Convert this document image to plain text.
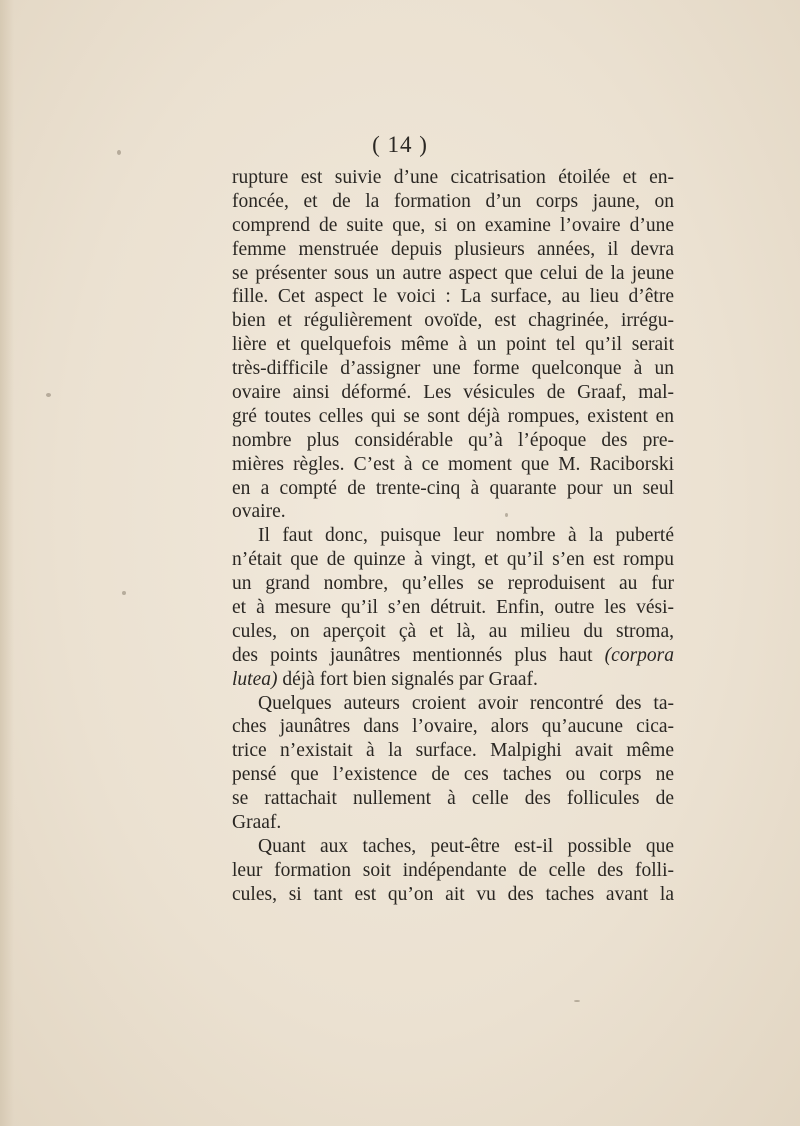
( 14 )
rupture est suivie d’une cicatrisation étoilée et en-
foncée, et de la formation d’un corps jaune, on
comprend de suite que, si on examine l’ovaire d’une
femme menstruée depuis plusieurs années, il devra
se présenter sous un autre aspect que celui de la jeune
fille. Cet aspect le voici : La surface, au lieu d’être
bien et régulièrement ovoïde, est chagrinée, irrégu-
lière et quelquefois même à un point tel qu’il serait
très-difficile d’assigner une forme quelconque à un
ovaire ainsi déformé. Les vésicules de Graaf, mal-
gré toutes celles qui se sont déjà rompues, existent en
nombre plus considérable qu’à l’époque des pre-
mières règles. C’est à ce moment que M. Raciborski
en a compté de trente-cinq à quarante pour un seul
ovaire.
Il faut donc, puisque leur nombre à la puberté
n’était que de quinze à vingt, et qu’il s’en est rompu
un grand nombre, qu’elles se reproduisent au fur
et à mesure qu’il s’en détruit. Enfin, outre les vési-
cules, on aperçoit çà et là, au milieu du stroma,
des points jaunâtres mentionnés plus haut (corpora
lutea) déjà fort bien signalés par Graaf.
Quelques auteurs croient avoir rencontré des ta-
ches jaunâtres dans l’ovaire, alors qu’aucune cica-
trice n’existait à la surface. Malpighi avait même
pensé que l’existence de ces taches ou corps ne
se rattachait nullement à celle des follicules de
Graaf.
Quant aux taches, peut-être est-il possible que
leur formation soit indépendante de celle des folli-
cules, si tant est qu’on ait vu des taches avant la
